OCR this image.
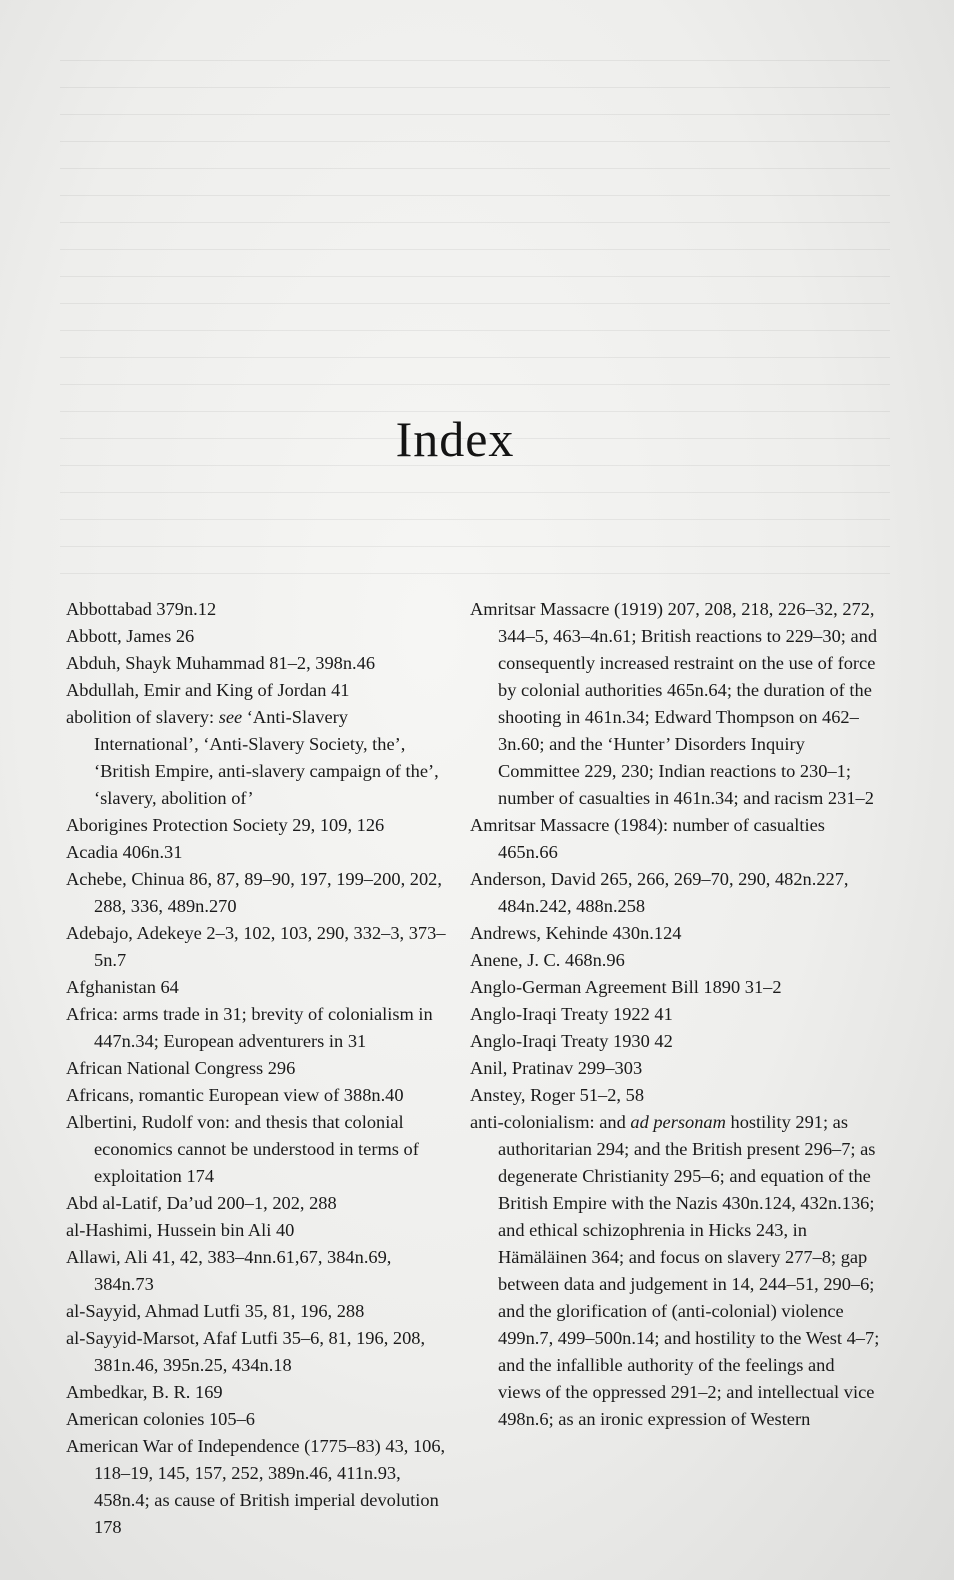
Index

Abbottabad 379n.12

Abbott, James 26

Abduh, Shayk Muhammad 81–2, 398n.46

Abdullah, Emir and King of Jordan 41

abolition of slavery: see ‘Anti-Slavery International’, ‘Anti-Slavery Society, the’, ‘British Empire, anti-slavery campaign of the’, ‘slavery, abolition of’

Aborigines Protection Society 29, 109, 126

Acadia 406n.31

Achebe, Chinua 86, 87, 89–90, 197, 199–200, 202, 288, 336, 489n.270

Adebajo, Adekeye 2–3, 102, 103, 290, 332–3, 373–5n.7

Afghanistan 64

Africa: arms trade in 31; brevity of colonialism in 447n.34; European adventurers in 31

African National Congress 296

Africans, romantic European view of 388n.40

Albertini, Rudolf von: and thesis that colonial economics cannot be understood in terms of exploitation 174

Abd al-Latif, Da’ud 200–1, 202, 288

al-Hashimi, Hussein bin Ali 40

Allawi, Ali 41, 42, 383–4nn.61,67, 384n.69, 384n.73

al-Sayyid, Ahmad Lutfi 35, 81, 196, 288

al-Sayyid-Marsot, Afaf Lutfi 35–6, 81, 196, 208, 381n.46, 395n.25, 434n.18

Ambedkar, B. R. 169

American colonies 105–6

American War of Independence (1775–83) 43, 106, 118–19, 145, 157, 252, 389n.46, 411n.93, 458n.4; as cause of British imperial devolution 178

Amritsar Massacre (1919) 207, 208, 218, 226–32, 272, 344–5, 463–4n.61; British reactions to 229–30; and consequently increased restraint on the use of force by colonial authorities 465n.64; the duration of the shooting in 461n.34; Edward Thompson on 462–3n.60; and the ‘Hunter’ Disorders Inquiry Committee 229, 230; Indian reactions to 230–1; number of casualties in 461n.34; and racism 231–2

Amritsar Massacre (1984): number of casualties 465n.66

Anderson, David 265, 266, 269–70, 290, 482n.227, 484n.242, 488n.258

Andrews, Kehinde 430n.124

Anene, J. C. 468n.96

Anglo-German Agreement Bill 1890 31–2

Anglo-Iraqi Treaty 1922 41

Anglo-Iraqi Treaty 1930 42

Anil, Pratinav 299–303

Anstey, Roger 51–2, 58

anti-colonialism: and ad personam hostility 291; as authoritarian 294; and the British present 296–7; as degenerate Christianity 295–6; and equation of the British Empire with the Nazis 430n.124, 432n.136; and ethical schizophrenia in Hicks 243, in Hämäläinen 364; and focus on slavery 277–8; gap between data and judgement in 14, 244–51, 290–6; and the glorification of (anti-colonial) violence 499n.7, 499–500n.14; and hostility to the West 4–7; and the infallible authority of the feelings and views of the oppressed 291–2; and intellectual vice 498n.6; as an ironic expression of Western
